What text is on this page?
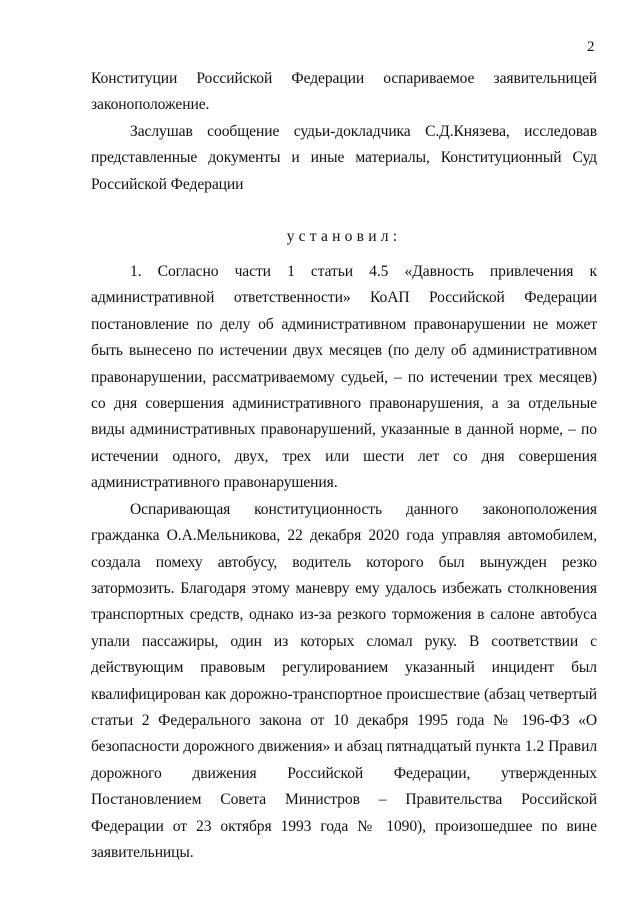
2

Конституции Российской Федерации оспариваемое заявительницей законоположение.

Заслушав сообщение судьи-докладчика С.Д.Князева, исследовав представленные документы и иные материалы, Конституционный Суд Российской Федерации

установил:

1. Согласно части 1 статьи 4.5 «Давность привлечения к административной ответственности» КоАП Российской Федерации постановление по делу об административном правонарушении не может быть вынесено по истечении двух месяцев (по делу об административном правонарушении, рассматриваемому судьей, – по истечении трех месяцев) со дня совершения административного правонарушения, а за отдельные виды административных правонарушений, указанные в данной норме, – по истечении одного, двух, трех или шести лет со дня совершения административного правонарушения.

Оспаривающая конституционность данного законоположения гражданка О.А.Мельникова, 22 декабря 2020 года управляя автомобилем, создала помеху автобусу, водитель которого был вынужден резко затормозить. Благодаря этому маневру ему удалось избежать столкновения транспортных средств, однако из-за резкого торможения в салоне автобуса упали пассажиры, один из которых сломал руку. В соответствии с действующим правовым регулированием указанный инцидент был квалифицирован как дорожно-транспортное происшествие (абзац четвертый статьи 2 Федерального закона от 10 декабря 1995 года № 196-ФЗ «О безопасности дорожного движения» и абзац пятнадцатый пункта 1.2 Правил дорожного движения Российской Федерации, утвержденных Постановлением Совета Министров – Правительства Российской Федерации от 23 октября 1993 года № 1090), произошедшее по вине заявительницы.
